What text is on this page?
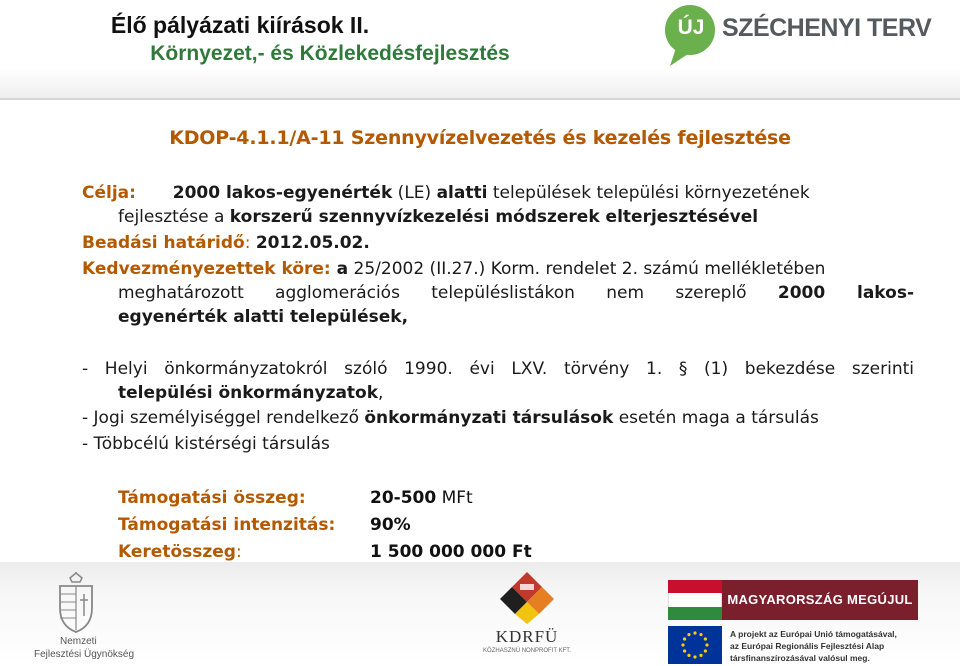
Élő pályázati kiírások II.
Környezet,- és Közlekedésfejlesztés
ÚJ SZÉCHENYI TERV
KDOP-4.1.1/A-11 Szennyvízelvezetés és kezelés fejlesztése
Célja: 2000 lakos-egyenérték (LE) alatti települések települési környezetének
fejlesztése a korszerű szennyvízkezelési módszerek elterjesztésével
Beadási határidő: 2012.05.02.
Kedvezményezettek köre: a 25/2002 (II.27.) Korm. rendelet 2. számú mellékletében
meghatározott agglomerációs településlistákon nem szereplő 2000 lakos-
egyenérték alatti települések,
- Helyi önkormányzatokról szóló 1990. évi LXV. törvény 1. § (1) bekezdése szerinti
települési önkormányzatok,
- Jogi személyiséggel rendelkező önkormányzati társulások esetén maga a társulás
- Többcélú kistérségi társulás
Támogatási összeg:	20-500 MFt
Támogatási intenzitás: 90%
Keretösszeg:	1 500 000 000 Ft
Nemzeti
Fejlesztési Ügynökség
KDRFÜ
KÖZHASZNÚ NONPROFIT KFT.
MAGYARORSZÁG MEGÚJUL
A projekt az Európai Unió támogatásával,
az Európai Regionális Fejlesztési Alap
társfinanszírozásával valósul meg.
